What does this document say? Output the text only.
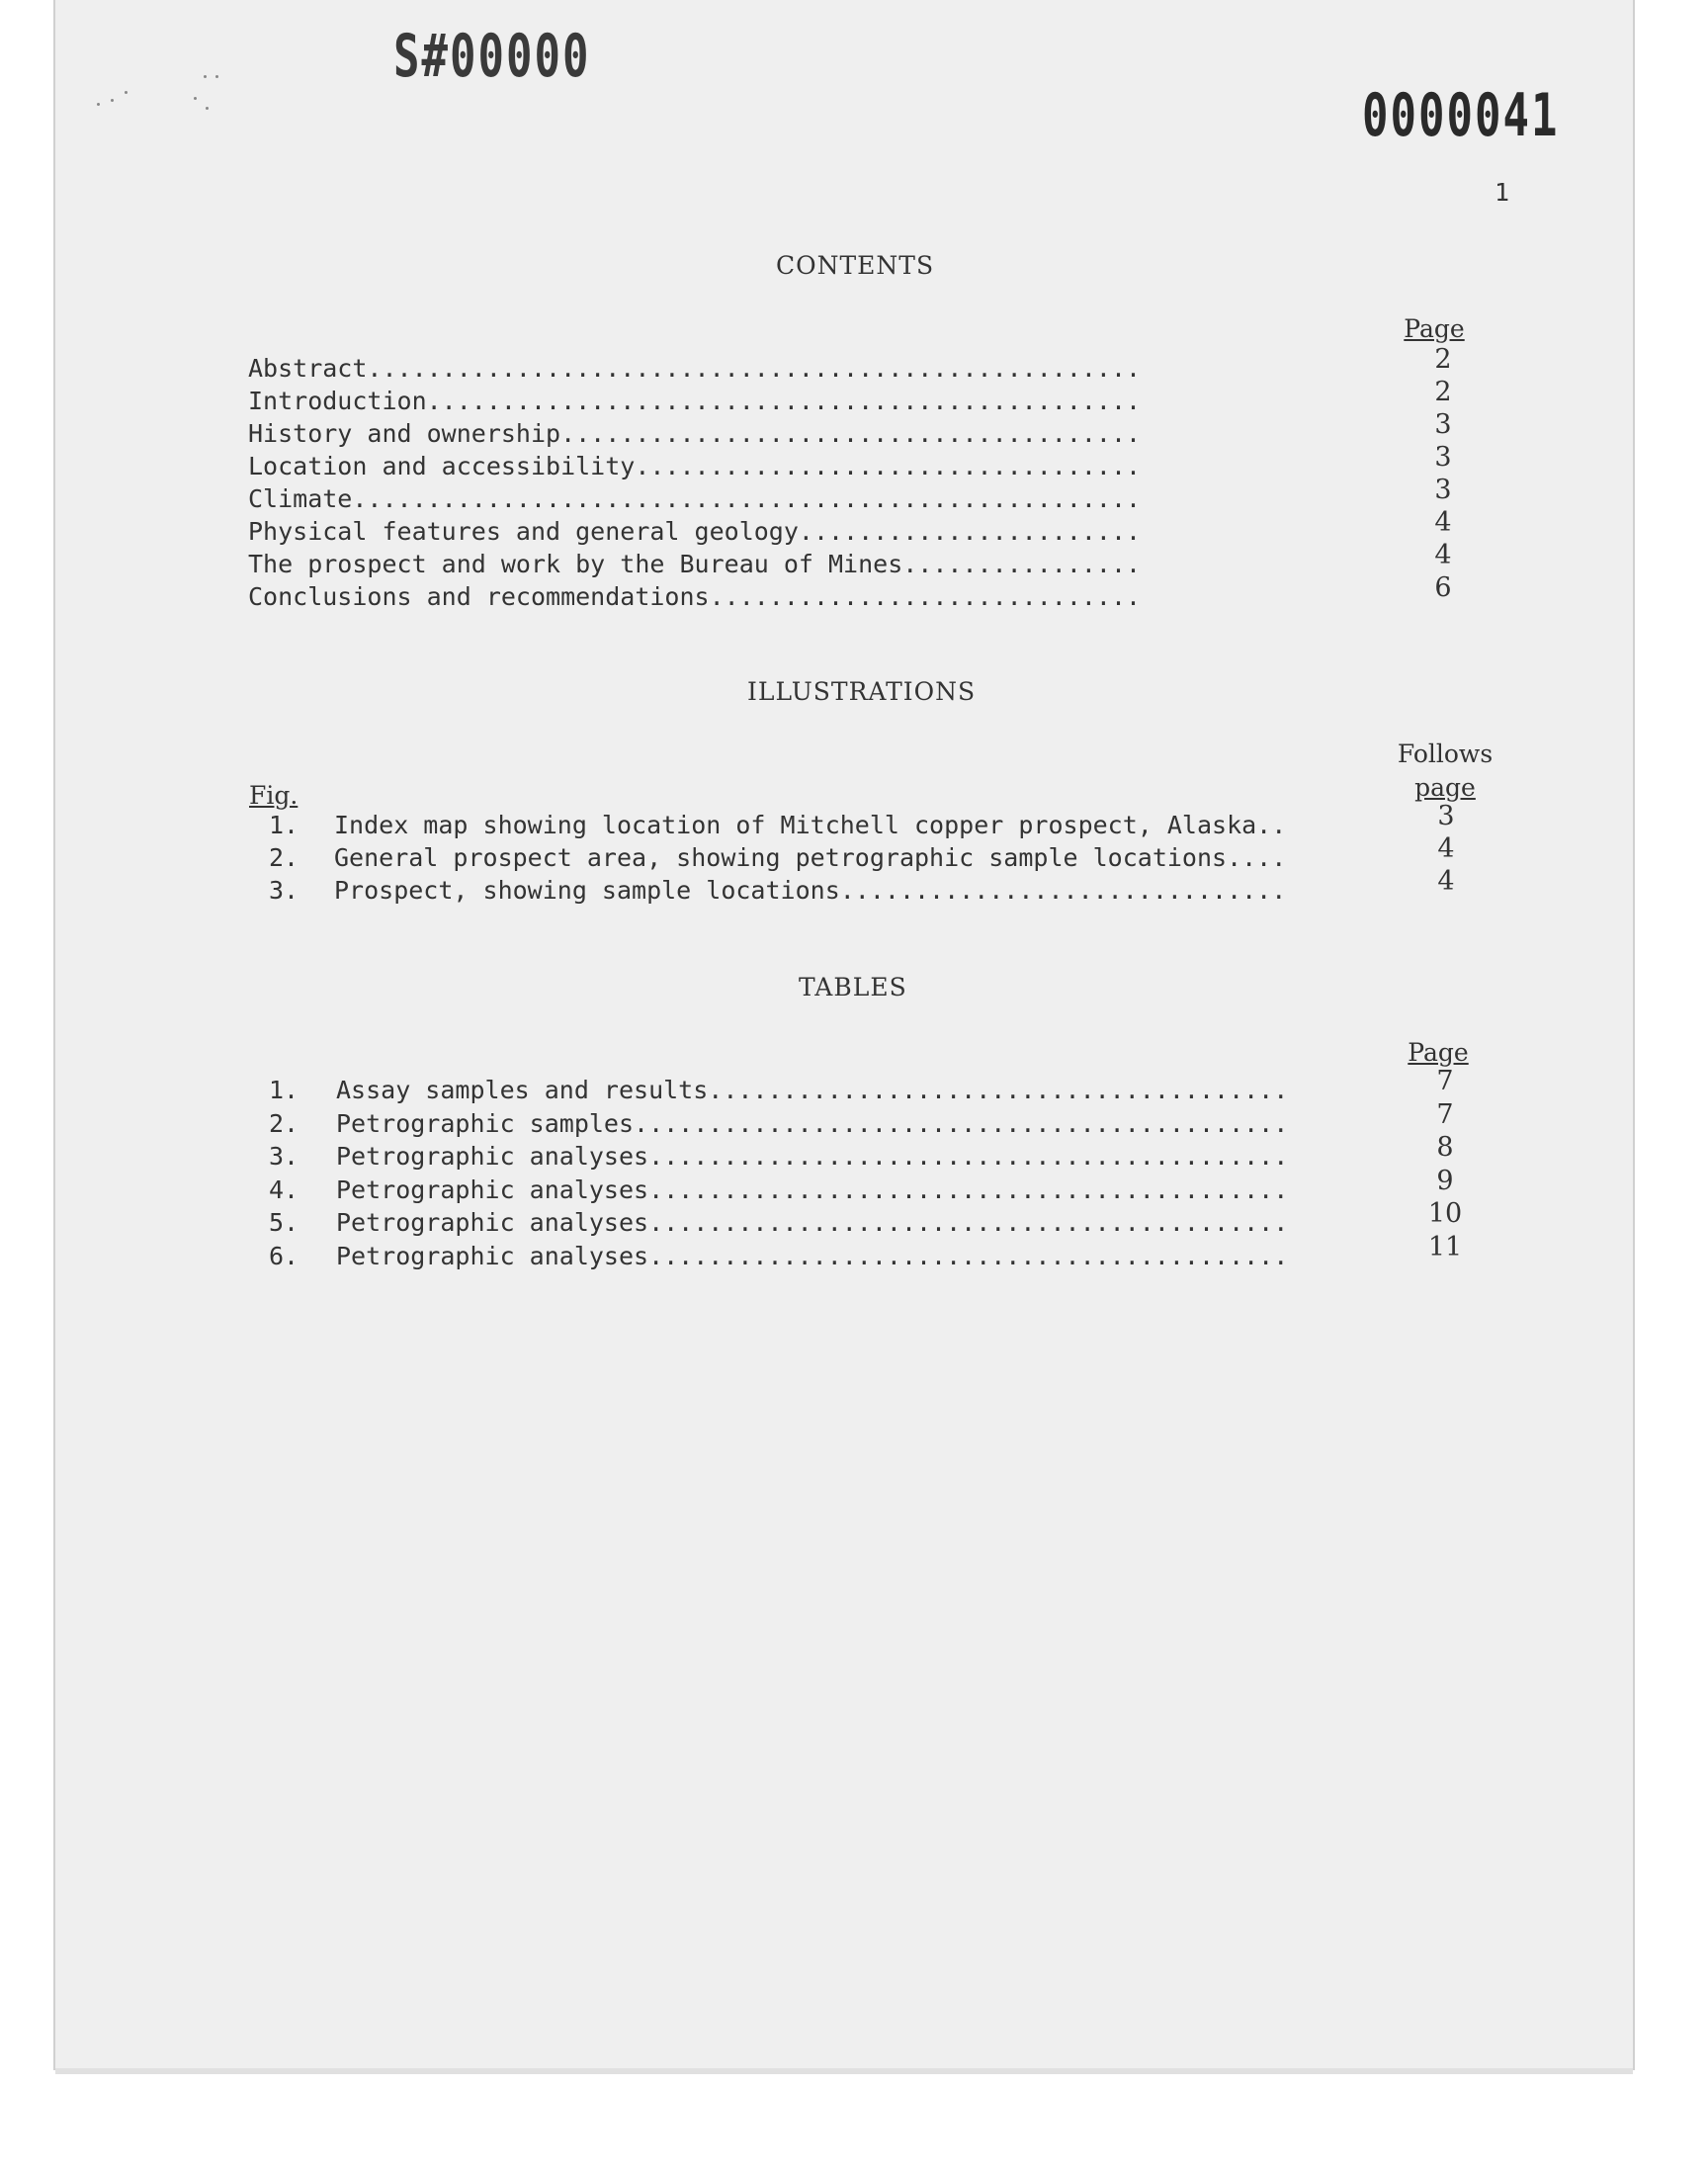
S#00000
0000041
1
CONTENTS
Page
Abstract....................................................	2
Introduction................................................	2
History and ownership.......................................	3
Location and accessibility..................................	3
Climate.....................................................	3
Physical features and general geology.......................	4
The prospect and work by the Bureau of Mines................	4
Conclusions and recommendations.............................	6
ILLUSTRATIONS
Fig.
Follows
page
1. Index map showing location of Mitchell copper prospect, Alaska..	3
2. General prospect area, showing petrographic sample locations....	4
3. Prospect, showing sample locations..............................	4
TABLES
Page
1. Assay samples and results.......................................	7
2. Petrographic samples............................................	7
3. Petrographic analyses...........................................	8
4. Petrographic analyses...........................................	9
5. Petrographic analyses...........................................	10
6. Petrographic analyses...........................................	11
